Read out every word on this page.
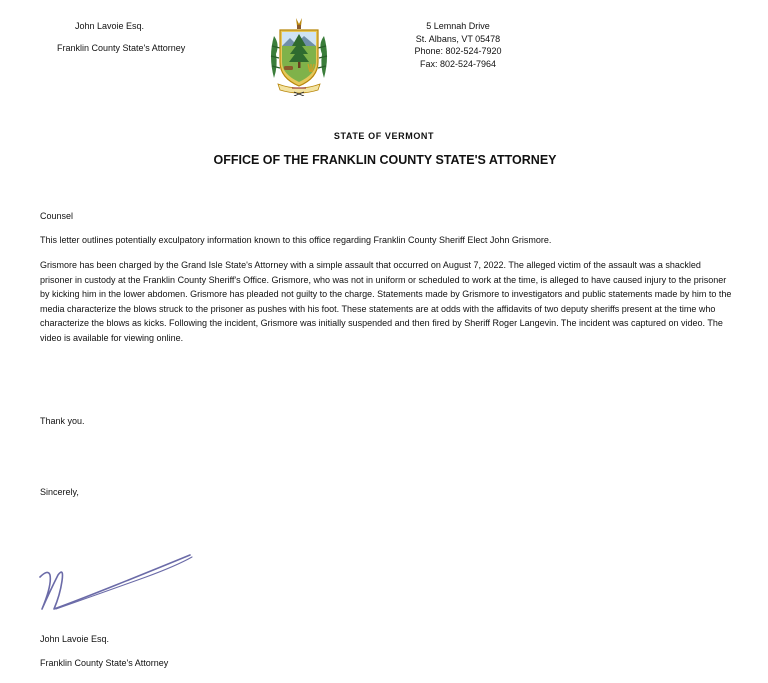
John Lavoie Esq.
Franklin County State's Attorney
5 Lemnah Drive
St. Albans, VT 05478
Phone: 802-524-7920
Fax: 802-524-7964
STATE OF VERMONT
OFFICE OF THE FRANKLIN COUNTY STATE'S ATTORNEY
Counsel
This letter outlines potentially exculpatory information known to this office regarding Franklin County Sheriff Elect John Grismore.
Grismore has been charged by the Grand Isle State's Attorney with a simple assault that occurred on August 7, 2022. The alleged victim of the assault was a shackled prisoner in custody at the Franklin County Sheriff's Office. Grismore, who was not in uniform or scheduled to work at the time, is alleged to have caused injury to the prisoner by kicking him in the lower abdomen. Grismore has pleaded not guilty to the charge. Statements made by Grismore to investigators and public statements made by him to the media characterize the blows struck to the prisoner as pushes with his foot. These statements are at odds with the affidavits of two deputy sheriffs present at the time who characterize the blows as kicks. Following the incident, Grismore was initially suspended and then fired by Sheriff Roger Langevin. The incident was captured on video. The video is available for viewing online.
Thank you.
Sincerely,
John Lavoie Esq.
Franklin County State's Attorney
